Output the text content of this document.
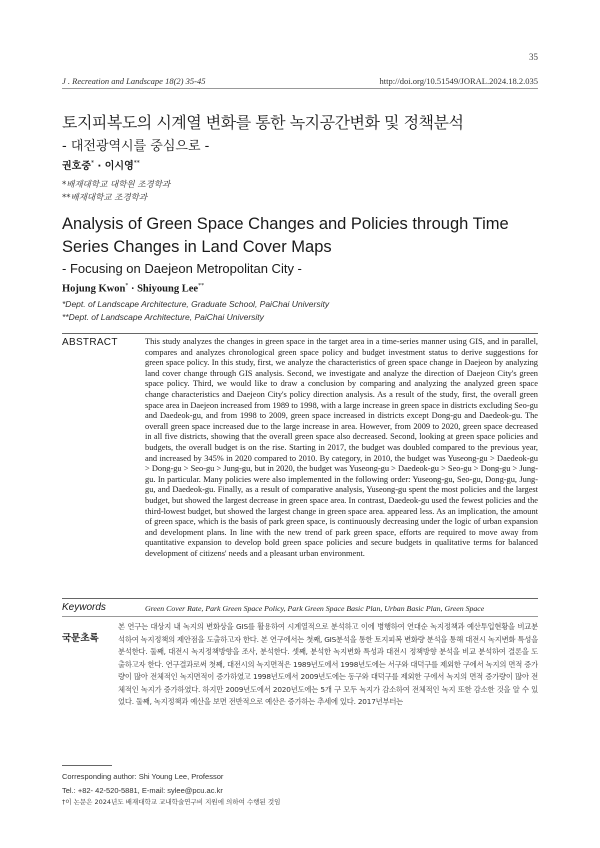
35
J . Recreation and Landscape 18(2) 35-45	http://doi.org/10.51549/JORAL.2024.18.2.035
토지피복도의 시계열 변화를 통한 녹지공간변화 및 정책분석
- 대전광역시를 중심으로 -
권호중* · 이시영**
*배재대학교 대학원 조경학과
**배재대학교 조경학과
Analysis of Green Space Changes and Policies through Time Series Changes in Land Cover Maps
- Focusing on Daejeon Metropolitan City -
Hojung Kwon* · Shiyoung Lee**
*Dept. of Landscape Architecture, Graduate School, PaiChai University
**Dept. of Landscape Architecture, PaiChai University
ABSTRACT	This study analyzes the changes in green space in the target area in a time-series manner using GIS, and in parallel, compares and analyzes chronological green space policy and budget investment status to derive suggestions for green space policy. In this study, first, we analyze the characteristics of green space change in Daejeon by analyzing land cover change through GIS analysis. Second, we investigate and analyze the direction of Daejeon City's green space policy. Third, we would like to draw a conclusion by comparing and analyzing the analyzed green space change characteristics and Daejeon City's policy direction analysis. As a result of the study, first, the overall green space area in Daejeon increased from 1989 to 1998, with a large increase in green space in districts excluding Seo-gu and Daedeok-gu, and from 1998 to 2009, green space increased in districts except Dong-gu and Daedeok-gu. The overall green space increased due to the large increase in area. However, from 2009 to 2020, green space decreased in all five districts, showing that the overall green space also decreased. Second, looking at green space policies and budgets, the overall budget is on the rise. Starting in 2017, the budget was doubled compared to the previous year, and increased by 345% in 2020 compared to 2010. By category, in 2010, the budget was Yuseong-gu > Daedeok-gu > Dong-gu > Seo-gu > Jung-gu, but in 2020, the budget was Yuseong-gu > Daedeok-gu > Seo-gu > Dong-gu > Jung-gu. In particular. Many policies were also implemented in the following order: Yuseong-gu, Seo-gu, Dong-gu, Jung-gu, and Daedeok-gu. Finally, as a result of comparative analysis, Yuseong-gu spent the most policies and the largest budget, but showed the largest decrease in green space area. In contrast, Daedeok-gu used the fewest policies and the third-lowest budget, but showed the largest change in green space area. appeared less. As an implication, the amount of green space, which is the basis of park green space, is continuously decreasing under the logic of urban expansion and development plans. In line with the new trend of park green space, efforts are required to move away from quantitative expansion to develop bold green space policies and secure budgets in qualitative terms for balanced development of citizens' needs and a pleasant urban environment.

Keywords	Green Cover Rate, Park Green Space Policy, Park Green Space Basic Plan, Urban Basic Plan, Green Space
국문초록

본 연구는 대상지 내 녹지의 변화상을 GIS를 활용하여 시계열적으로 분석하고 이에 병행하여 연대순 녹지정책과 예산투입현황을 비교분석하여 녹지정책의 제안점을 도출하고자 한다. 본 연구에서는 첫째, GIS분석을 통한 토지피복 변화량 분석을 통해 대전시 녹지변화 특성을 분석한다. 둘째, 대전시 녹지정책방향을 조사, 분석한다. 셋째, 분석한 녹지변화 특성과 대전시 정책방향 분석을 비교 분석하여 결론을 도출하고자 한다. 연구결과로써 첫째, 대전시의 녹지면적은 1989년도에서 1998년도에는 서구와 대덕구를 제외한 구에서 녹지의 면적 증가량이 많아 전체적인 녹지면적이 증가하였고 1998년도에서 2009년도에는 동구와 대덕구를 제외한 구에서 녹지의 면적 증가량이 많아 전체적인 녹지가 증가하였다. 하지만 2009년도에서 2020년도에는 5개 구 모두 녹지가 감소하여 전체적인 녹지 또한 감소한 것을 알 수 있었다. 둘째, 녹지정책과 예산을 보면 전반적으로 예산은 증가하는 추세에 있다. 2017년부터는

Corresponding author: Shi Young Lee, Professor
Tel.: +82- 42-520-5881, E-mail: sylee@pcu.ac.kr
†이 논문은 2024년도 배재대학교 교내학술연구비 지원에 의하여 수행된 것임
